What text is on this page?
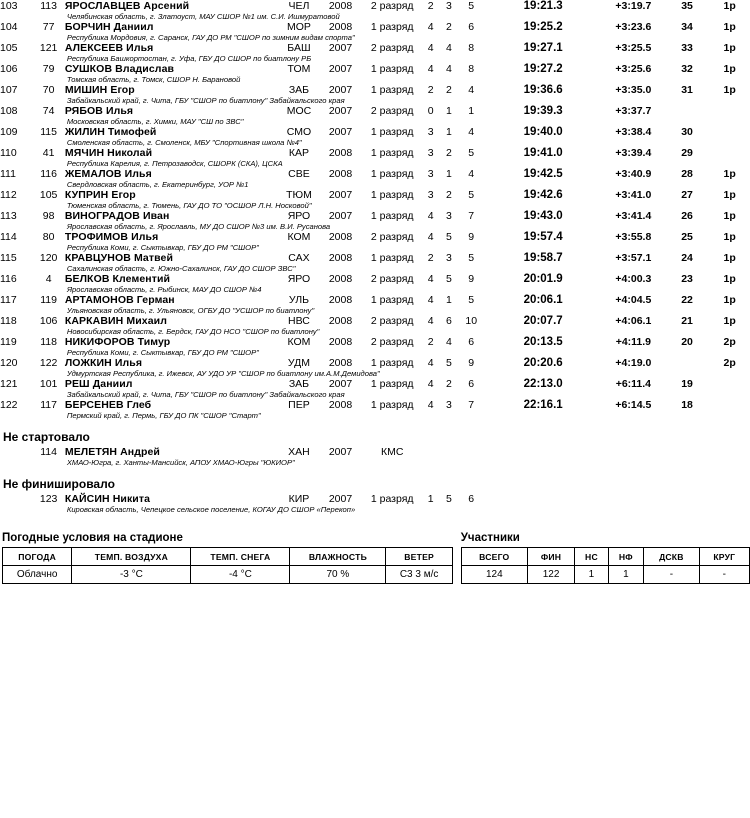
103	113	ЯРОСЛАВЦЕВ Арсений	ЧЕЛ	2008	2 разряд	2	3	5		19:21.3		+3:19.7	35	1р
		Челябинская область, г. Златоуст, МАУ СШОР №1 им. С.И. Ишмуратовой												
104	77	БОРЧИН Даниил	МОР	2008	1 разряд	4	2	6		19:25.2		+3:23.6	34	1р
		Республика Мордовия, г. Саранск, ГАУ ДО РМ "СШОР по зимним видам спорта"												
105	121	АЛЕКСЕЕВ Илья	БАШ	2007	2 разряд	4	4	8		19:27.1		+3:25.5	33	1р
		Республика Башкортостан, г. Уфа, ГБУ ДО СШОР по биатлону РБ												
106	79	СУШКОВ Владислав	ТОМ	2007	1 разряд	4	4	8		19:27.2		+3:25.6	32	1р
		Томская область, г. Томск, СШОР Н. Барановой												
107	70	МИШИН Егор	ЗАБ	2007	1 разряд	2	2	4		19:36.6		+3:35.0	31	1р
		Забайкальский край, г. Чита, ГБУ "СШОР по биатлону" Забайкальского края												
108	74	РЯБОВ Илья	МОС	2007	2 разряд	0	1	1		19:39.3		+3:37.7		
		Московская область, г. Химки, МАУ "СШ по ЗВС"												
109	115	ЖИЛИН Тимофей	СМО	2007	1 разряд	3	1	4		19:40.0		+3:38.4	30	
		Смоленская область, г. Смоленск, МБУ "Спортивная школа №4"												
110	41	МЯЧИН Николай	КАР	2008	1 разряд	3	2	5		19:41.0		+3:39.4	29	
		Республика Карелия, г. Петрозаводск, СШОРК (СКА), ЦСКА												
111	116	ЖЕМАЛОВ Илья	СВЕ	2008	1 разряд	3	1	4		19:42.5		+3:40.9	28	1р
		Свердловская область, г. Екатеринбург, УОР №1												
112	105	КУПРИН Егор	ТЮМ	2007	1 разряд	3	2	5		19:42.6		+3:41.0	27	1р
		Тюменская область, г. Тюмень, ГАУ ДО ТО "ОСШОР Л.Н. Носковой"												
113	98	ВИНОГРАДОВ Иван	ЯРО	2007	1 разряд	4	3	7		19:43.0		+3:41.4	26	1р
		Ярославская область, г. Ярославль, МУ ДО СШОР №3 им. В.И. Русанова												
114	80	ТРОФИМОВ Илья	КОМ	2008	2 разряд	4	5	9		19:57.4		+3:55.8	25	1р
		Республика Коми, г. Сыктывкар, ГБУ ДО РМ "СШОР"												
115	120	КРАВЦУНОВ Матвей	САХ	2008	1 разряд	2	3	5		19:58.7		+3:57.1	24	1р
		Сахалинская область, г. Южно-Сахалинск, ГАУ ДО СШОР ЗВС"												
116	4	БЕЛКОВ Клементий	ЯРО	2008	2 разряд	4	5	9		20:01.9		+4:00.3	23	1р
		Ярославская область, г. Рыбинск, МАУ ДО СШОР №4												
117	119	АРТАМОНОВ Герман	УЛЬ	2008	1 разряд	4	1	5		20:06.1		+4:04.5	22	1р
		Ульяновская область, г. Ульяновск, ОГБУ ДО "УСШОР по биатлону"												
118	106	КАРКАВИН Михаил	НВС	2008	2 разряд	4	6	10		20:07.7		+4:06.1	21	1р
		Новосибирская область, г. Бердск, ГАУ ДО НСО "СШОР по биатлону"												
119	118	НИКИФОРОВ Тимур	КОМ	2008	2 разряд	2	4	6		20:13.5		+4:11.9	20	2р
		Республика Коми, г. Сыктывкар, ГБУ ДО РМ "СШОР"												
120	122	ЛОЖКИН Илья	УДМ	2008	1 разряд	4	5	9		20:20.6		+4:19.0		2р
		Удмуртская Республика, г. Ижевск, АУ УДО УР "СШОР по биатлону им.А.М.Демидова"												
121	101	РЕШ Даниил	ЗАБ	2007	1 разряд	4	2	6		22:13.0		+6:11.4	19	
		Забайкальский край, г. Чита, ГБУ "СШОР по биатлону" Забайкальского края												
122	117	БЕРСЕНЕВ Глеб	ПЕР	2008	1 разряд	4	3	7		22:16.1		+6:14.5	18	
		Пермский край, г. Пермь, ГБУ ДО ПК "СШОР "Старт"												
Не стартовало
	114	МЕЛЕТЯН Андрей	ХАН	2007	КМС									
		ХМАО-Югра, г. Ханты-Мансийск, АПОУ ХМАО-Югры "ЮКИОР"												
Не финишировало
	123	КАЙСИН Никита	КИР	2007	1 разряд	1	5	6						
		Кировская область, Чепецкое сельское поселение, КОГАУ ДО СШОР «Перекоп»												
Погодные условия на стадионе
ПОГОДА	ТЕМП. ВОЗДУХА	ТЕМП. СНЕГА	ВЛАЖНОСТЬ	ВЕТЕР
Облачно	-3 °C	-4 °C	70 %	С3 3 м/с
Участники
ВСЕГО	ФИН	НС	НФ	ДСКВ	КРУГ
124	122	1	1	-	-
